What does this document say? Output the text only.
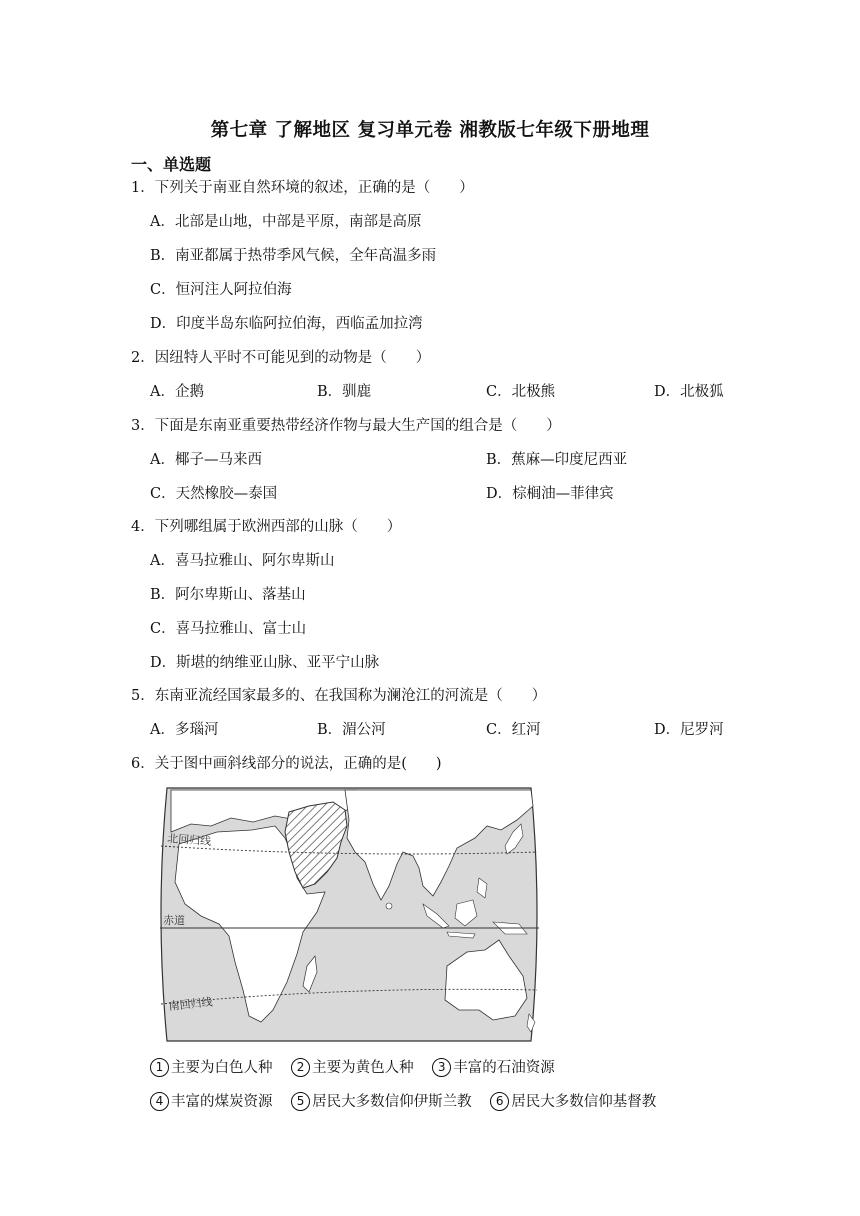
第七章 了解地区 复习单元卷 湘教版七年级下册地理
一、单选题
1．下列关于南亚自然环境的叙述，正确的是（　　）
A．北部是山地，中部是平原，南部是高原
B．南亚都属于热带季风气候，全年高温多雨
C．恒河注人阿拉伯海
D．印度半岛东临阿拉伯海，西临孟加拉湾
2．因纽特人平时不可能见到的动物是（　　）
A．企鹅	B．驯鹿	C．北极熊	D．北极狐
3．下面是东南亚重要热带经济作物与最大生产国的组合是（　　）
A．椰子—马来西	B．蕉麻—印度尼西亚
C．天然橡胶—泰国	D．棕榈油—菲律宾
4．下列哪组属于欧洲西部的山脉（　　）
A．喜马拉雅山、阿尔卑斯山
B．阿尔卑斯山、落基山
C．喜马拉雅山、富士山
D．斯堪的纳维亚山脉、亚平宁山脉
5．东南亚流经国家最多的、在我国称为澜沧江的河流是（　　）
A．多瑙河	B．湄公河	C．红河	D．尼罗河
6．关于图中画斜线部分的说法，正确的是(　　)
北回归线
赤道
南回归线
1 主要为白色人种 2 主要为黄色人种 3 丰富的石油资源
4 丰富的煤炭资源 5 居民大多数信仰伊斯兰教 6 居民大多数信仰基督教
